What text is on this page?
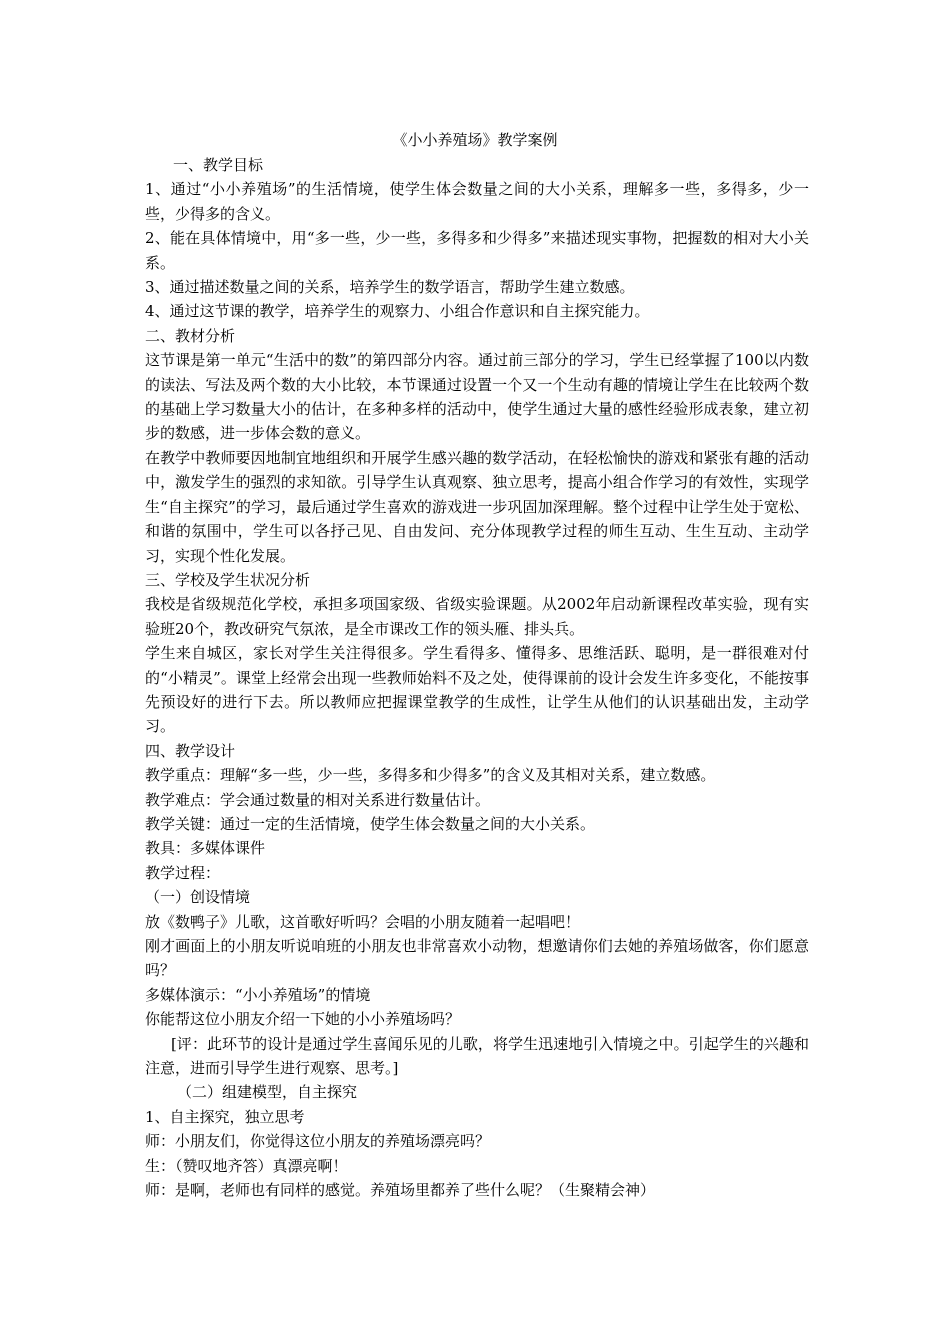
《小小养殖场》教学案例

一、教学目标

1、通过“小小养殖场”的生活情境，使学生体会数量之间的大小关系，理解多一些，多得多，少一些，少得多的含义。

2、能在具体情境中，用“多一些，少一些，多得多和少得多”来描述现实事物，把握数的相对大小关系。

3、通过描述数量之间的关系，培养学生的数学语言，帮助学生建立数感。

4、通过这节课的教学，培养学生的观察力、小组合作意识和自主探究能力。

二、教材分析

这节课是第一单元“生活中的数”的第四部分内容。通过前三部分的学习，学生已经掌握了100以内数的读法、写法及两个数的大小比较，本节课通过设置一个又一个生动有趣的情境让学生在比较两个数的基础上学习数量大小的估计，在多种多样的活动中，使学生通过大量的感性经验形成表象，建立初步的数感，进一步体会数的意义。

在教学中教师要因地制宜地组织和开展学生感兴趣的数学活动，在轻松愉快的游戏和紧张有趣的活动中，激发学生的强烈的求知欲。引导学生认真观察、独立思考，提高小组合作学习的有效性，实现学生“自主探究”的学习，最后通过学生喜欢的游戏进一步巩固加深理解。整个过程中让学生处于宽松、和谐的氛围中，学生可以各抒己见、自由发问、充分体现教学过程的师生互动、生生互动、主动学习，实现个性化发展。

三、学校及学生状况分析

我校是省级规范化学校，承担多项国家级、省级实验课题。从2002年启动新课程改革实验，现有实验班20个，教改研究气氛浓，是全市课改工作的领头雁、排头兵。

学生来自城区，家长对学生关注得很多。学生看得多、懂得多、思维活跃、聪明，是一群很难对付的“小精灵”。课堂上经常会出现一些教师始料不及之处，使得课前的设计会发生许多变化，不能按事先预设好的进行下去。所以教师应把握课堂教学的生成性，让学生从他们的认识基础出发，主动学习。

四、教学设计

教学重点：理解“多一些，少一些，多得多和少得多”的含义及其相对关系，建立数感。

教学难点：学会通过数量的相对关系进行数量估计。

教学关键：通过一定的生活情境，使学生体会数量之间的大小关系。

教具：多媒体课件

教学过程：

（一）创设情境

放《数鸭子》儿歌，这首歌好听吗？会唱的小朋友随着一起唱吧！

刚才画面上的小朋友听说咱班的小朋友也非常喜欢小动物，想邀请你们去她的养殖场做客，你们愿意吗？

多媒体演示：“小小养殖场”的情境

你能帮这位小朋友介绍一下她的小小养殖场吗？

[评：此环节的设计是通过学生喜闻乐见的儿歌，将学生迅速地引入情境之中。引起学生的兴趣和注意，进而引导学生进行观察、思考。]

（二）组建模型，自主探究

1、自主探究，独立思考

师：小朋友们，你觉得这位小朋友的养殖场漂亮吗？

生：（赞叹地齐答）真漂亮啊！

师：是啊，老师也有同样的感觉。养殖场里都养了些什么呢？（生聚精会神）
